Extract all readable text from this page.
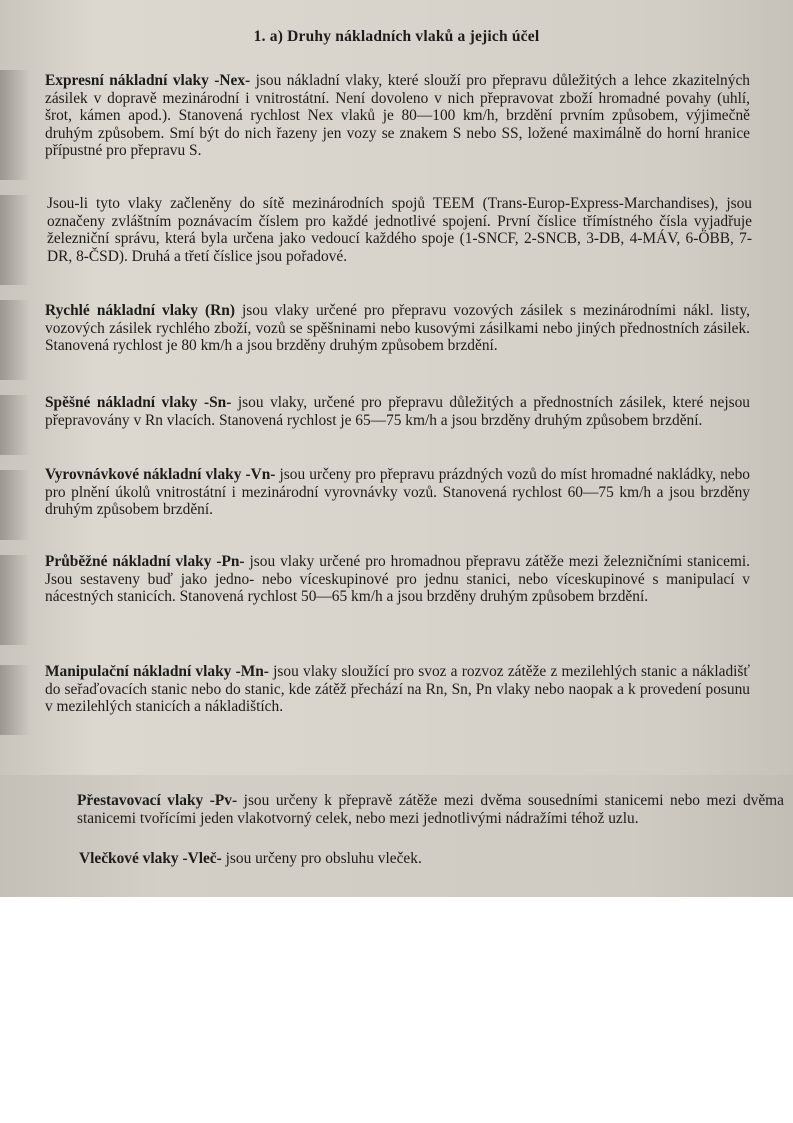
1. a) Druhy nákladních vlaků a jejich účel
Expresní nákladní vlaky -Nex- jsou nákladní vlaky, které slouží pro přepravu důležitých a lehce zkazitelných zásilek v dopravě mezinárodní i vnitrostátní. Není dovoleno v nich přepravovat zboží hromadné povahy (uhlí, šrot, kámen apod.). Stanovená rychlost Nex vlaků je 80—100 km/h, brzdění prvním způsobem, výjimečně druhým způsobem. Smí být do nich řazeny jen vozy se znakem S nebo SS, ložené maximálně do horní hranice přípustné pro přepravu S.
Jsou-li tyto vlaky začleněny do sítě mezinárodních spojů TEEM (Trans-Europ-Express-Marchandises), jsou označeny zvláštním poznávacím číslem pro každé jednotlivé spojení. První číslice třímístného čísla vyjadřuje železniční správu, která byla určena jako vedoucí každého spoje (1-SNCF, 2-SNCB, 3-DB, 4-MÁV, 6-ÖBB, 7-DR, 8-ČSD). Druhá a třetí číslice jsou pořadové.
Rychlé nákladní vlaky (Rn) jsou vlaky určené pro přepravu vozových zásilek s mezinárodními nákl. listy, vozových zásilek rychlého zboží, vozů se spěšninami nebo kusovými zásilkami nebo jiných přednostních zásilek. Stanovená rychlost je 80 km/h a jsou brzděny druhým způsobem brzdění.
Spěšné nákladní vlaky -Sn- jsou vlaky, určené pro přepravu důležitých a přednostních zásilek, které nejsou přepravovány v Rn vlacích. Stanovená rychlost je 65—75 km/h a jsou brzděny druhým způsobem brzdění.
Vyrovnávkové nákladní vlaky -Vn- jsou určeny pro přepravu prázdných vozů do míst hromadné nakládky, nebo pro plnění úkolů vnitrostátní i mezinárodní vyrovnávky vozů. Stanovená rychlost 60—75 km/h a jsou brzděny druhým způsobem brzdění.
Průběžné nákladní vlaky -Pn- jsou vlaky určené pro hromadnou přepravu zátěže mezi železničními stanicemi. Jsou sestaveny buď jako jedno- nebo víceskupinové pro jednu stanici, nebo víceskupinové s manipulací v nácestných stanicích. Stanovená rychlost 50—65 km/h a jsou brzděny druhým způsobem brzdění.
Manipulační nákladní vlaky -Mn- jsou vlaky sloužící pro svoz a rozvoz zátěže z mezilehlých stanic a nákladišť do seřaďovacích stanic nebo do stanic, kde zátěž přechází na Rn, Sn, Pn vlaky nebo naopak a k provedení posunu v mezilehlých stanicích a nákladištích.
Přestavovací vlaky -Pv- jsou určeny k přepravě zátěže mezi dvěma sousedními stanicemi nebo mezi dvěma stanicemi tvořícími jeden vlakotvorný celek, nebo mezi jednotlivými nádražími téhož uzlu.
Vlečkové vlaky -Vleč- jsou určeny pro obsluhu vleček.
